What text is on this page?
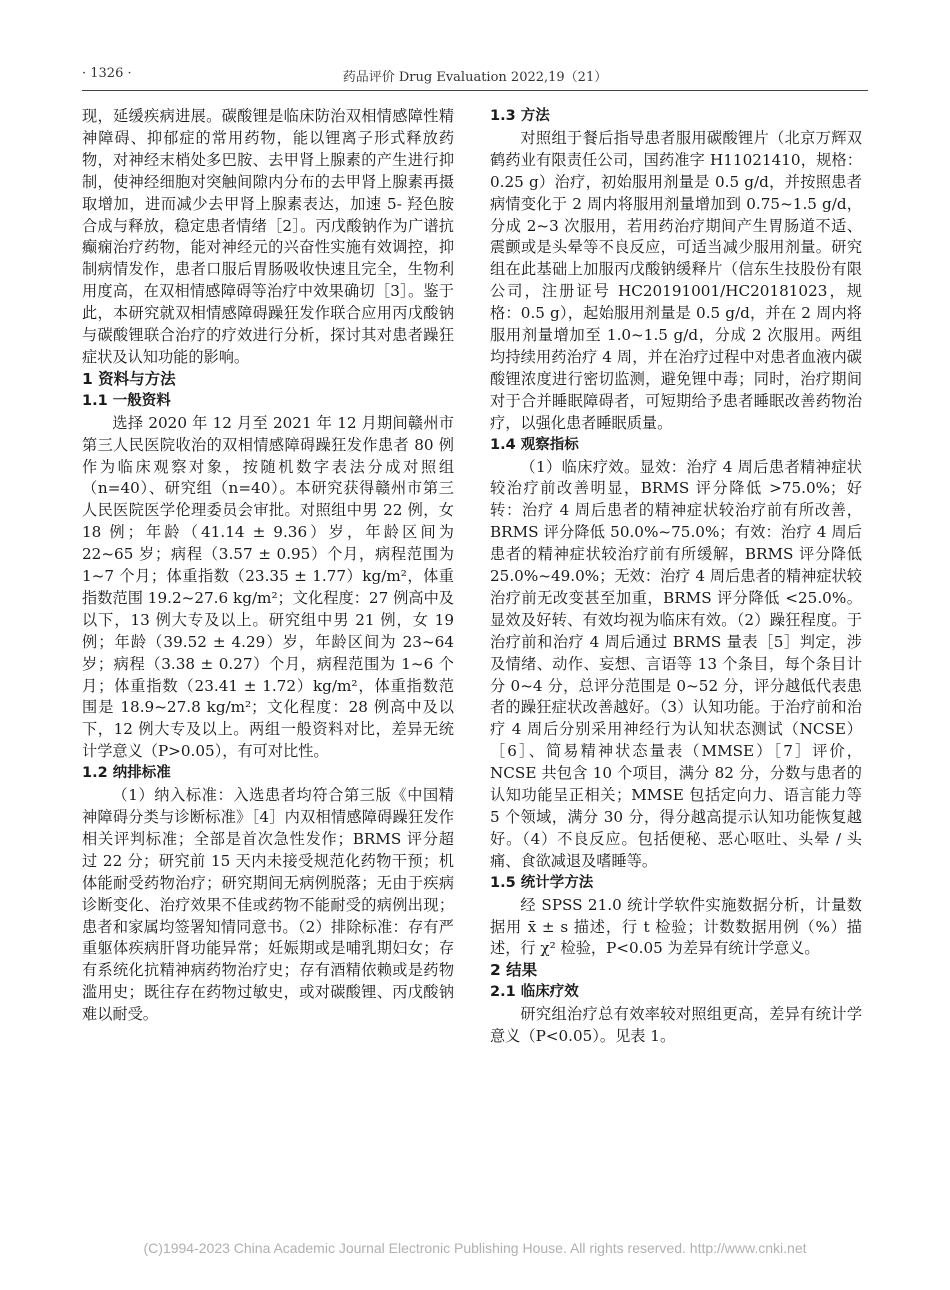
· 1326 ·	药品评价 Drug Evaluation 2022,19（21）

现，延缓疾病进展。碳酸锂是临床防治双相情感障性精神障碍、抑郁症的常用药物，能以锂离子形式释放药物，对神经末梢处多巴胺、去甲肾上腺素的产生进行抑制，使神经细胞对突触间隙内分布的去甲肾上腺素再摄取增加，进而减少去甲肾上腺素表达，加速 5- 羟色胺合成与释放，稳定患者情绪［2］。丙戊酸钠作为广谱抗癫痫治疗药物，能对神经元的兴奋性实施有效调控，抑制病情发作，患者口服后胃肠吸收快速且完全，生物利用度高，在双相情感障碍等治疗中效果确切［3］。鉴于此，本研究就双相情感障碍躁狂发作联合应用丙戊酸钠与碳酸锂联合治疗的疗效进行分析，探讨其对患者躁狂症状及认知功能的影响。

1 资料与方法
1.1 一般资料

选择 2020 年 12 月至 2021 年 12 月期间赣州市第三人民医院收治的双相情感障碍躁狂发作患者 80 例作为临床观察对象，按随机数字表法分成对照组（n=40）、研究组（n=40）。本研究获得赣州市第三人民医院医学伦理委员会审批。对照组中男 22 例，女 18 例；年龄（41.14 ± 9.36）岁，年龄区间为 22~65 岁；病程（3.57 ± 0.95）个月，病程范围为 1~7 个月；体重指数（23.35 ± 1.77）kg/m²，体重指数范围 19.2~27.6 kg/m²；文化程度：27 例高中及以下，13 例大专及以上。研究组中男 21 例，女 19 例；年龄（39.52 ± 4.29）岁，年龄区间为 23~64 岁；病程（3.38 ± 0.27）个月，病程范围为 1~6 个月；体重指数（23.41 ± 1.72）kg/m²，体重指数范围是 18.9~27.8 kg/m²；文化程度：28 例高中及以下，12 例大专及以上。两组一般资料对比，差异无统计学意义（P>0.05），有可对比性。

1.2 纳排标准

（1）纳入标准：入选患者均符合第三版《中国精神障碍分类与诊断标准》［4］内双相情感障碍躁狂发作相关评判标准；全部是首次急性发作；BRMS 评分超过 22 分；研究前 15 天内未接受规范化药物干预；机体能耐受药物治疗；研究期间无病例脱落；无由于疾病诊断变化、治疗效果不佳或药物不能耐受的病例出现；患者和家属均签署知情同意书。（2）排除标准：存有严重躯体疾病肝肾功能异常；妊娠期或是哺乳期妇女；存有系统化抗精神病药物治疗史；存有酒精依赖或是药物滥用史；既往存在药物过敏史，或对碳酸锂、丙戊酸钠难以耐受。

1.3 方法

对照组于餐后指导患者服用碳酸锂片（北京万辉双鹤药业有限责任公司，国药准字 H11021410，规格：0.25 g）治疗，初始服用剂量是 0.5 g/d，并按照患者病情变化于 2 周内将服用剂量增加到 0.75~1.5 g/d，分成 2~3 次服用，若用药治疗期间产生胃肠道不适、震颤或是头晕等不良反应，可适当减少服用剂量。研究组在此基础上加服丙戊酸钠缓释片（信东生技股份有限公司，注册证号 HC20191001/HC20181023，规格：0.5 g），起始服用剂量是 0.5 g/d，并在 2 周内将服用剂量增加至 1.0~1.5 g/d，分成 2 次服用。两组均持续用药治疗 4 周，并在治疗过程中对患者血液内碳酸锂浓度进行密切监测，避免锂中毒；同时，治疗期间对于合并睡眠障碍者，可短期给予患者睡眠改善药物治疗，以强化患者睡眠质量。

1.4 观察指标

（1）临床疗效。显效：治疗 4 周后患者精神症状较治疗前改善明显，BRMS 评分降低 >75.0%；好转：治疗 4 周后患者的精神症状较治疗前有所改善，BRMS 评分降低 50.0%~75.0%；有效：治疗 4 周后患者的精神症状较治疗前有所缓解，BRMS 评分降低 25.0%~49.0%；无效：治疗 4 周后患者的精神症状较治疗前无改变甚至加重，BRMS 评分降低 <25.0%。显效及好转、有效均视为临床有效。（2）躁狂程度。于治疗前和治疗 4 周后通过 BRMS 量表［5］判定，涉及情绪、动作、妄想、言语等 13 个条目，每个条目计分 0~4 分，总评分范围是 0~52 分，评分越低代表患者的躁狂症状改善越好。（3）认知功能。于治疗前和治疗 4 周后分别采用神经行为认知状态测试（NCSE）［6］、简易精神状态量表（MMSE）［7］评价，NCSE 共包含 10 个项目，满分 82 分，分数与患者的认知功能呈正相关；MMSE 包括定向力、语言能力等 5 个领域，满分 30 分，得分越高提示认知功能恢复越好。（4）不良反应。包括便秘、恶心呕吐、头晕 / 头痛、食欲减退及嗜睡等。

1.5 统计学方法

经 SPSS 21.0 统计学软件实施数据分析，计量数据用 x̄ ± s 描述，行 t 检验；计数数据用例（%）描述，行 χ² 检验，P<0.05 为差异有统计学意义。

2 结果
2.1 临床疗效

研究组治疗总有效率较对照组更高，差异有统计学意义（P<0.05）。见表 1。

(C)1994-2023 China Academic Journal Electronic Publishing House. All rights reserved. http://www.cnki.net
